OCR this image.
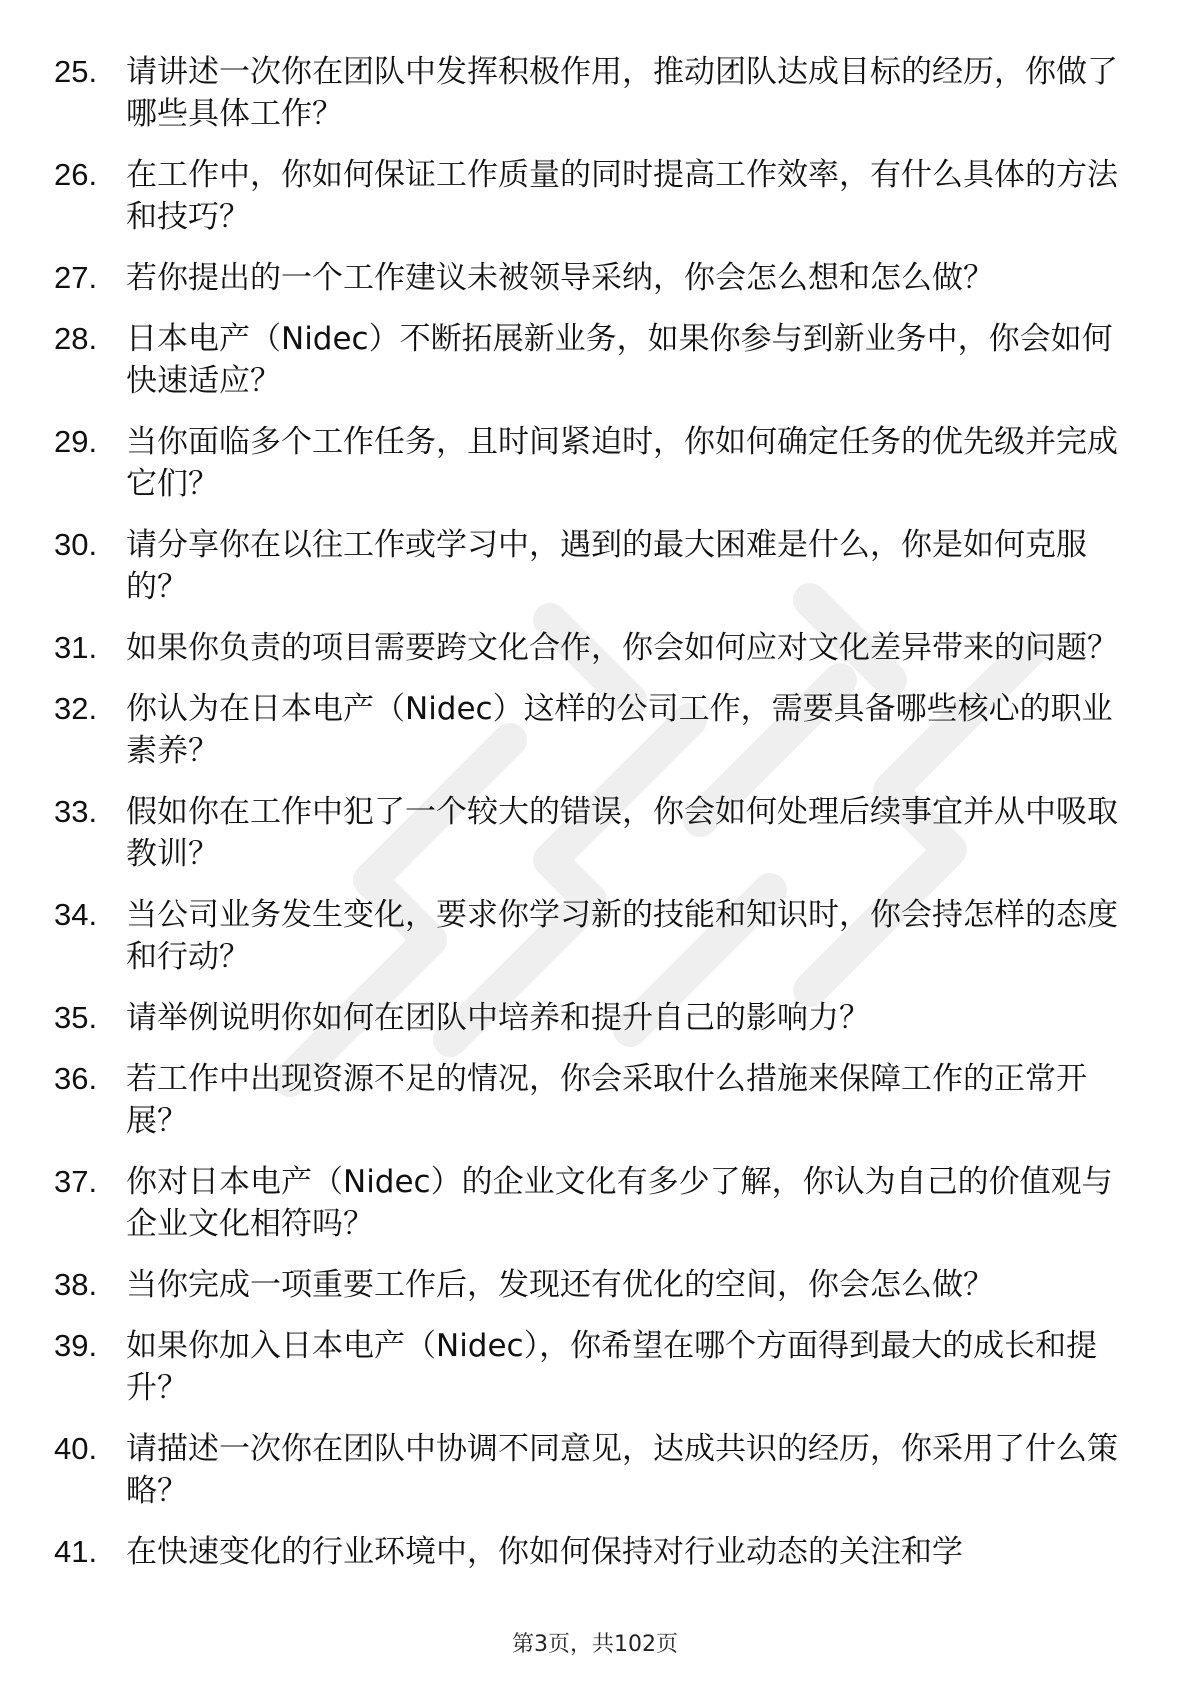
25. 请讲述一次你在团队中发挥积极作用，推动团队达成目标的经历，你做了哪些具体工作？
26. 在工作中，你如何保证工作质量的同时提高工作效率，有什么具体的方法和技巧？
27. 若你提出的一个工作建议未被领导采纳，你会怎么想和怎么做？
28. 日本电产（Nidec）不断拓展新业务，如果你参与到新业务中，你会如何快速适应？
29. 当你面临多个工作任务，且时间紧迫时，你如何确定任务的优先级并完成它们？
30. 请分享你在以往工作或学习中，遇到的最大困难是什么，你是如何克服的？
31. 如果你负责的项目需要跨文化合作，你会如何应对文化差异带来的问题？
32. 你认为在日本电产（Nidec）这样的公司工作，需要具备哪些核心的职业素养？
33. 假如你在工作中犯了一个较大的错误，你会如何处理后续事宜并从中吸取教训？
34. 当公司业务发生变化，要求你学习新的技能和知识时，你会持怎样的态度和行动？
35. 请举例说明你如何在团队中培养和提升自己的影响力？
36. 若工作中出现资源不足的情况，你会采取什么措施来保障工作的正常开展？
37. 你对日本电产（Nidec）的企业文化有多少了解，你认为自己的价值观与企业文化相符吗？
38. 当你完成一项重要工作后，发现还有优化的空间，你会怎么做？
39. 如果你加入日本电产（Nidec），你希望在哪个方面得到最大的成长和提升？
40. 请描述一次你在团队中协调不同意见，达成共识的经历，你采用了什么策略？
41. 在快速变化的行业环境中，你如何保持对行业动态的关注和学
第3页，共102页
